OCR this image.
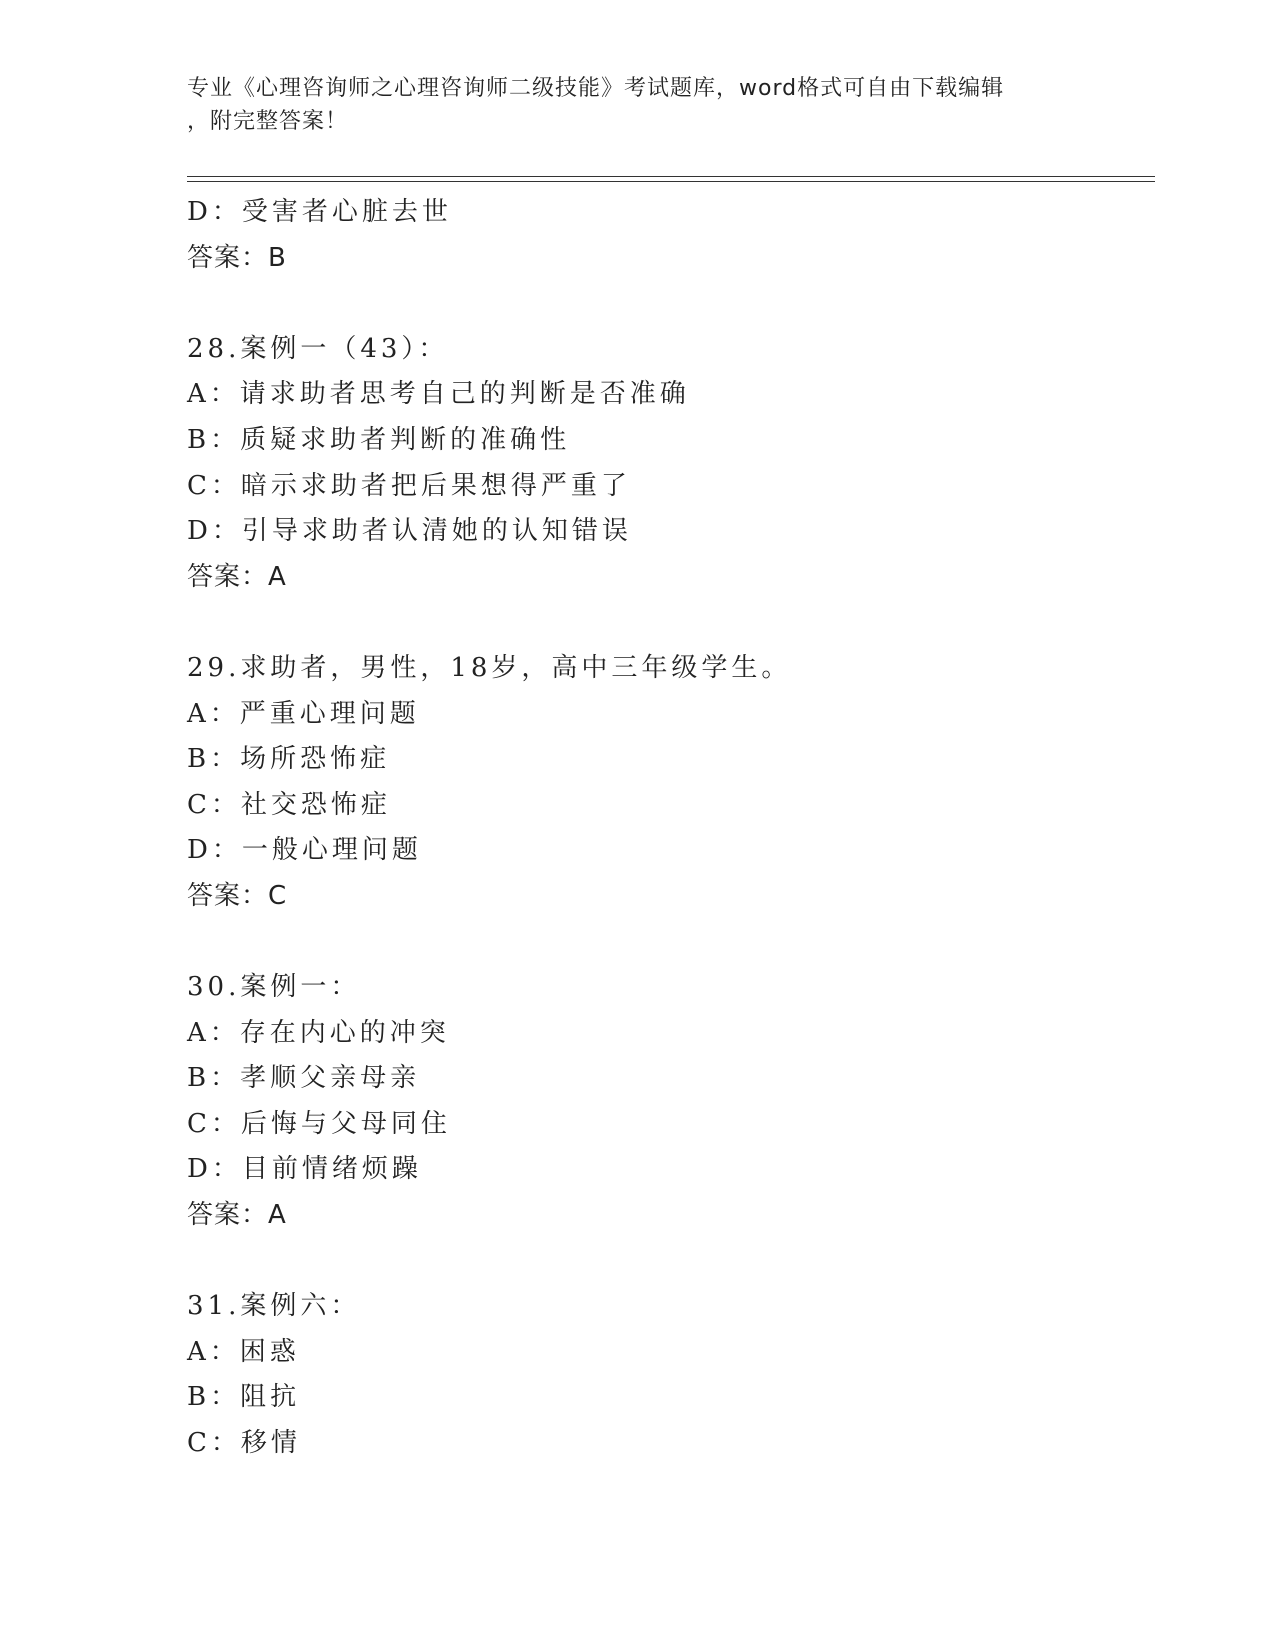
专业《心理咨询师之心理咨询师二级技能》考试题库，word格式可自由下载编辑
，附完整答案！
D：受害者心脏去世
答案：B
28.案例一（43）：
A：请求助者思考自己的判断是否准确
B：质疑求助者判断的准确性
C：暗示求助者把后果想得严重了
D：引导求助者认清她的认知错误
答案：A
29.求助者，男性，18岁，高中三年级学生。
A：严重心理问题
B：场所恐怖症
C：社交恐怖症
D：一般心理问题
答案：C
30.案例一：
A：存在内心的冲突
B：孝顺父亲母亲
C：后悔与父母同住
D：目前情绪烦躁
答案：A
31.案例六：
A：困惑
B：阻抗
C：移情
